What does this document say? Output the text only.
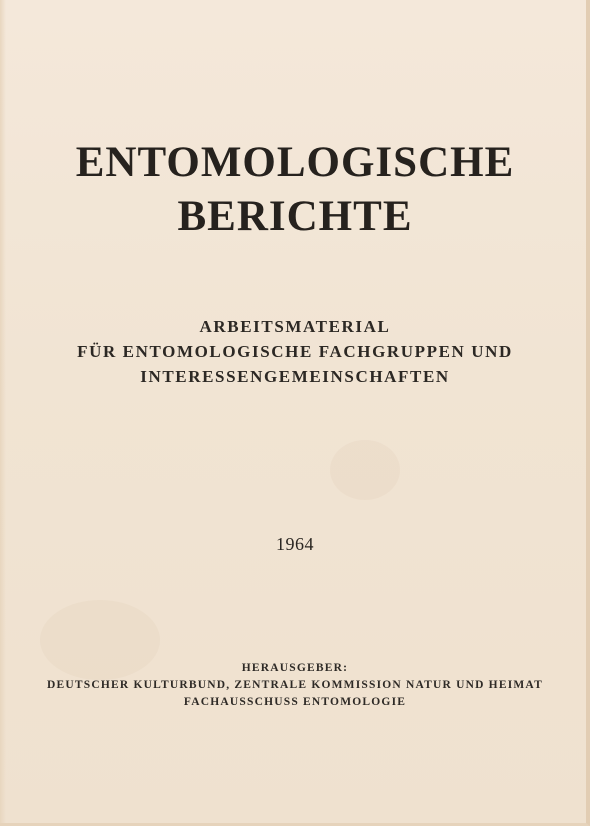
ENTOMOLOGISCHE
BERICHTE
ARBEITSMATERIAL
FÜR ENTOMOLOGISCHE FACHGRUPPEN UND
INTERESSENGEMEINSCHAFTEN
1964
HERAUSGEBER:
DEUTSCHER KULTURBUND, ZENTRALE KOMMISSION NATUR UND HEIMAT
FACHAUSSCHUSS ENTOMOLOGIE
